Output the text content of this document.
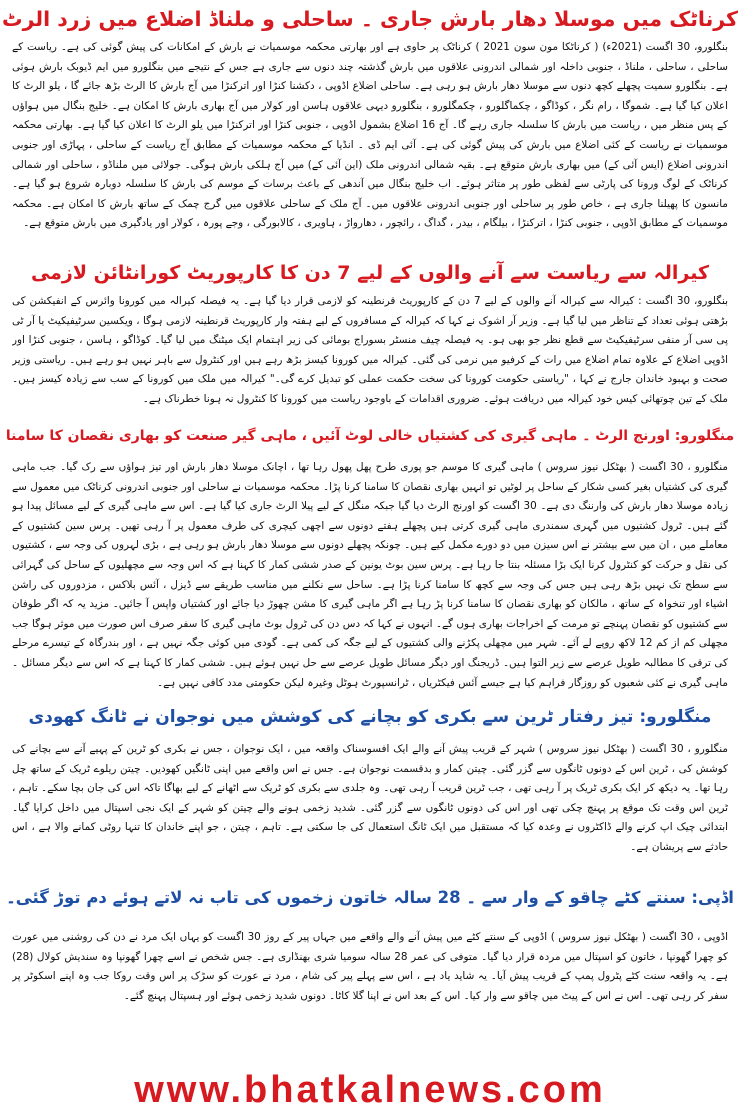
کرناٹک میں موسلا دھار بارش جاری ۔ ساحلی و ملناڈ اضلاع میں زرد الرٹ

بنگلورو، 30 اگست (2021ء) ( کرناٹکا مون سون 2021 ) کرناٹک پر حاوی ہے اور بھارتی محکمہ موسمیات نے بارش کے امکانات کی پیش گوئی کی ہے۔ ریاست کے ساحلی ، ساحلی ، ملناڈ ، جنوبی داخلہ اور شمالی اندرونی علاقوں میں بارش گذشتہ چند دنوں سے جاری ہے جس کے نتیجے میں بنگلورو میں ایم ڈیوبک بارش ہوئی ہے۔ بنگلورو سمیت پچھلے کچھ دنوں سے موسلا دھار بارش ہو رہی ہے۔ ساحلی اضلاع اڈوپی ، دکشنا کنڑا اور اترکنڑا میں آج بارش کا الرٹ بڑھ جائے گا ، یلو الرٹ کا اعلان کیا گیا ہے۔ شموگا ، رام نگر ، کوڈاگو ، چکماگلورو ، چکمگلورو ، بنگلورو دیہی علاقوں ہاسن اور کولار میں آج بھاری بارش کا امکان ہے۔ خلیج بنگال میں ہواؤں کے پس منظر میں ، ریاست میں بارش کا سلسلہ جاری رہے گا۔ آج 16 اضلاع بشمول اڈوپی ، جنوبی کنڑا اور اترکنڑا میں یلو الرٹ کا اعلان کیا گیا ہے۔ بھارتی محکمہ موسمیات نے ریاست کے کئی اضلاع میں بارش کی پیش گوئی کی ہے۔ آئی ایم ڈی ۔ انڈیا کے محکمہ موسمیات کے مطابق آج ریاست کے ساحلی ، پہاڑی اور جنوبی اندرونی اضلاع (ایس آئی کے) میں بھاری بارش متوقع ہے۔ بقیہ شمالی اندرونی ملک (این آئی کے) میں آج ہلکی بارش ہوگی۔ جولائی میں ملناڈو ، ساحلی اور شمالی کرناٹک کے لوگ ورونا کی پارٹی سے لفظی طور پر متاثر ہوئے۔ اب خلیج بنگال میں آندھی کے باعث برسات کے موسم کی بارش کا سلسلہ دوبارہ شروع ہو گیا ہے۔ مانسون کا پھیلنا جاری ہے ، خاص طور پر ساحلی اور جنوبی اندرونی علاقوں میں۔ آج ملک کے ساحلی علاقوں میں گرج چمک کے ساتھ بارش کا امکان ہے۔ محکمہ موسمیات کے مطابق اڈوپی ، جنوبی کنڑا ، اترکنڑا ، بیلگام ، بیدر ، گداگ ، رائچور ، دھارواڑ ، ہاویری ، کالابورگی ، وجے پورہ ، کولار اور یادگیری میں بارش متوقع ہے۔

کیرالہ سے ریاست سے آنے والوں کے لیے 7 دن کا کارپوریٹ کورانٹائن لازمی

بنگلورو، 30 اگست : کیرالہ سے کیرالہ آنے والوں کے لیے 7 دن کے کارپوریٹ قرنطینہ کو لازمی قرار دیا گیا ہے۔ یہ فیصلہ کیرالہ میں کورونا وائرس کے انفیکشن کی بڑھتی ہوئی تعداد کے تناظر میں لیا گیا ہے۔ وزیر آر اشوک نے کہا کہ کیرالہ کے مسافروں کے لیے ہفتہ وار کارپوریٹ قرنطینہ لازمی ہوگا ، ویکسین سرٹیفیکیٹ یا آر ٹی پی سی آر منفی سرٹیفیکیٹ سے قطع نظر جو بھی ہو۔ یہ فیصلہ چیف منسٹر بسوراج بومائی کی زیر اہتمام ایک میٹنگ میں لیا گیا۔ کوڈاگو ، ہاسن ، جنوبی کنڑا اور اڈوپی اضلاع کے علاوہ تمام اضلاع میں رات کے کرفیو میں نرمی کی گئی۔ کیرالہ میں کورونا کیسز بڑھ رہے ہیں اور کنٹرول سے باہر نہیں ہو رہے ہیں۔ ریاستی وزیر صحت و بہبود خاندان جارج نے کہا ، "ریاستی حکومت کورونا کی سخت حکمت عملی کو تبدیل کرے گی۔" کیرالہ میں ملک میں کورونا کے سب سے زیادہ کیسز ہیں۔ ملک کے تین چوتھائی کیس خود کیرالہ میں دریافت ہوئے۔ ضروری اقدامات کے باوجود ریاست میں کورونا کا کنٹرول نہ ہونا خطرناک ہے۔

منگلورو: اورنج الرٹ ۔ ماہی گیری کی کشتیاں خالی لوٹ آئیں ، ماہی گیر صنعت کو بھاری نقصان کا سامنا

منگلورو ، 30 اگست ( بھٹکل نیوز سروس ) ماہی گیری کا موسم جو پوری طرح پھل پھول رہا تھا ، اچانک موسلا دھار بارش اور تیز ہواؤں سے رک گیا۔ جب ماہی گیری کی کشتیاں بغیر کسی شکار کے ساحل پر لوٹیں تو انہیں بھاری نقصان کا سامنا کرنا پڑا۔ محکمہ موسمیات نے ساحلی اور جنوبی اندرونی کرناٹک میں معمول سے زیادہ موسلا دھار بارش کی وارننگ دی ہے۔ 30 اگست کو اورنج الرٹ دیا گیا جبکہ منگل کے لیے پیلا الرٹ جاری کیا گیا ہے۔ اس سے ماہی گیری کے لیے مسائل پیدا ہو گئے ہیں۔ ٹرول کشتیوں میں گہری سمندری ماہی گیری کرتی ہیں پچھلے ہفتے دونوں سے اچھی کیچری کی طرف معمول پر آ رہی تھیں۔ پرس سین کشتیوں کے معاملے میں ، ان میں سے بیشتر نے اس سیزن میں دو دورے مکمل کیے ہیں۔ چونکہ پچھلے دونوں سے موسلا دھار بارش ہو رہی ہے ، بڑی لہروں کی وجہ سے ، کشتیوں کی نقل و حرکت کو کنٹرول کرنا ایک بڑا مسئلہ بنتا جا رہا ہے۔ پرس سین بوٹ یونین کے صدر ششی کمار کا کہنا ہے کہ اس وجہ سے مچھلیوں کے ساحل کی گہرائی سے سطح تک نہیں بڑھ رہی ہیں جس کی وجہ سے کچھ کا سامنا کرنا پڑا ہے۔ ساحل سے نکلنے میں مناسب طریقے سے ڈیزل ، آئس بلاکس ، مزدوروں کی راشن اشیاء اور تنخواہ کے ساتھ ، مالکان کو بھاری نقصان کا سامنا کرنا پڑ رہا ہے اگر ماہی گیری کا مشن چھوڑ دیا جائے اور کشتیاں واپس آ جائیں۔ مزید یہ کہ اگر طوفان سے کشتیوں کو نقصان پہنچے تو مرمت کے اخراجات بھاری ہوں گے۔ انہوں نے کہا کہ دس دن کی ٹرول بوٹ ماہی گیری کا سفر صرف اس صورت میں موثر ہوگا جب مچھلی کم از کم 12 لاکھ روپے لے آئے۔ شہر میں مچھلی پکڑنے والی کشتیوں کے لیے جگہ کی کمی ہے۔ گودی میں کوئی جگہ نہیں ہے ، اور بندرگاہ کے تیسرے مرحلے کی ترقی کا مطالبہ طویل عرصے سے زیر التوا ہیں۔ ڈریجنگ اور دیگر مسائل طویل عرصے سے حل نہیں ہوئے ہیں۔ ششی کمار کا کہنا ہے کہ اس سے دیگر مسائل ۔ ماہی گیری نے کئی شعبوں کو روزگار فراہم کیا ہے جیسے آئس فیکٹریاں ، ٹرانسپورٹ ہوٹل وغیرہ لیکن حکومتی مدد کافی نہیں ہے۔

منگلورو: تیز رفتار ٹرین سے بکری کو بچانے کی کوشش میں نوجوان نے ٹانگ کھودی

منگلورو ، 30 اگست ( بھٹکل نیوز سروس ) شہر کے قریب پیش آنے والے ایک افسوسناک واقعہ میں ، ایک نوجوان ، جس نے بکری کو ٹرین کے پہیے آنے سے بچانے کی کوشش کی ، ٹرین اس کے دونوں ٹانگوں سے گزر گئی۔ چیتن کمار و بدقسمت نوجوان ہے۔ جس نے اس واقعے میں اپنی ٹانگیں کھودیں۔ چیتن ریلوے ٹریک کے ساتھ چل رہا تھا۔ یہ دیکھ کر ایک بکری ٹریک پر آ رہی تھی ، جب ٹرین قریب آ رہی تھی۔ وہ جلدی سے بکری کو ٹریک سے اٹھانے کے لیے بھاگا تاکہ اس کی جان بچا سکے۔ تاہم ، ٹرین اس وقت تک موقع پر پہنچ چکی تھی اور اس کی دونوں ٹانگوں سے گزر گئی۔ شدید زخمی ہونے والے چیتن کو شہر کے ایک نجی اسپتال میں داخل کرایا گیا۔ ابتدائی چیک اپ کرنے والے ڈاکٹروں نے وعدہ کیا کہ مستقبل میں ایک ٹانگ استعمال کی جا سکتی ہے۔ تاہم ، چیتن ، جو اپنے خاندان کا تنہا روٹی کمانے والا ہے ، اس حادثے سے پریشان ہے۔

اڈپی: سنتے کٹے چاقو کے وار سے ۔ 28 سالہ خاتون زخموں کی تاب نہ لاتے ہوئے دم توڑ گئی۔

اڈوپی ، 30 اگست ( بھٹکل نیوز سروس ) اڈوپی کے سنتے کٹے میں پیش آنے والے واقعے میں جہاں پیر کے روز 30 اگست کو یہاں ایک مرد نے دن کی روشنی میں عورت کو چھرا گھونپا ، خاتون کو اسپتال میں مردہ قرار دیا گیا۔ متوفی کی عمر 28 سالہ سومیا شری بھنڈاری ہے۔ جس شخص نے اسے چھرا گھونپا وہ سندیش کولال (28) ہے۔ یہ واقعہ سنت کٹے پٹرول پمپ کے قریب پیش آیا۔ یہ شاید یاد ہے ، اس سے پہلے پیر کی شام ، مرد نے عورت کو سڑک پر اس وقت روکا جب وہ اپنے اسکوٹر پر سفر کر رہی تھی۔ اس نے اس کے پیٹ میں چاقو سے وار کیا۔ اس کے بعد اس نے اپنا گلا کاٹا۔ دونوں شدید زخمی ہوئے اور ہسپتال پہنچ گئے۔

www.bhatkalnews.com
